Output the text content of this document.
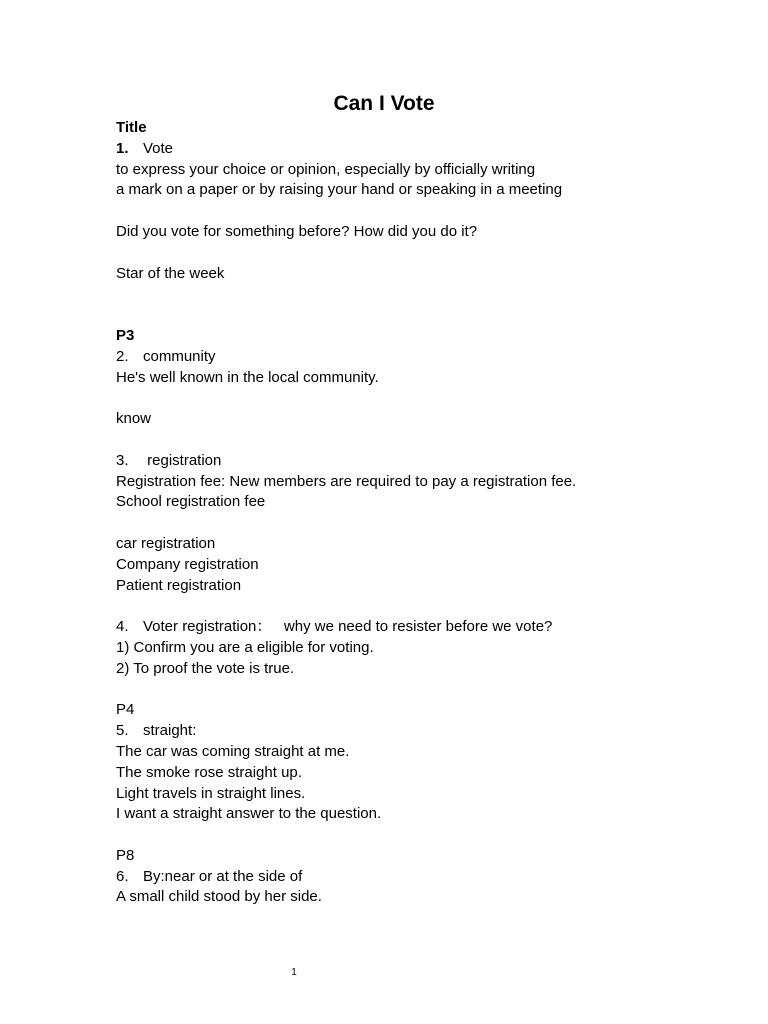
Can I Vote
Title
1. Vote
to express your choice or opinion, especially by officially writing
a mark on a paper or by raising your hand or speaking in a meeting
Did you vote for something before? How did you do it?
Star of the week
P3
2. community
He's well known in the local community.
know
3. registration
Registration fee: New members are required to pay a registration fee.
School registration fee
car registration
Company registration
Patient registration
4. Voter registration：   why we need to resister before we vote?
1) Confirm you are a eligible for voting.
2) To proof the vote is true.
P4
5. straight:
The car was coming straight at me.
The smoke rose straight up.
Light travels in straight lines.
I want a straight answer to the question.
P8
6. By:near or at the side of
A small child stood by her side.
1
